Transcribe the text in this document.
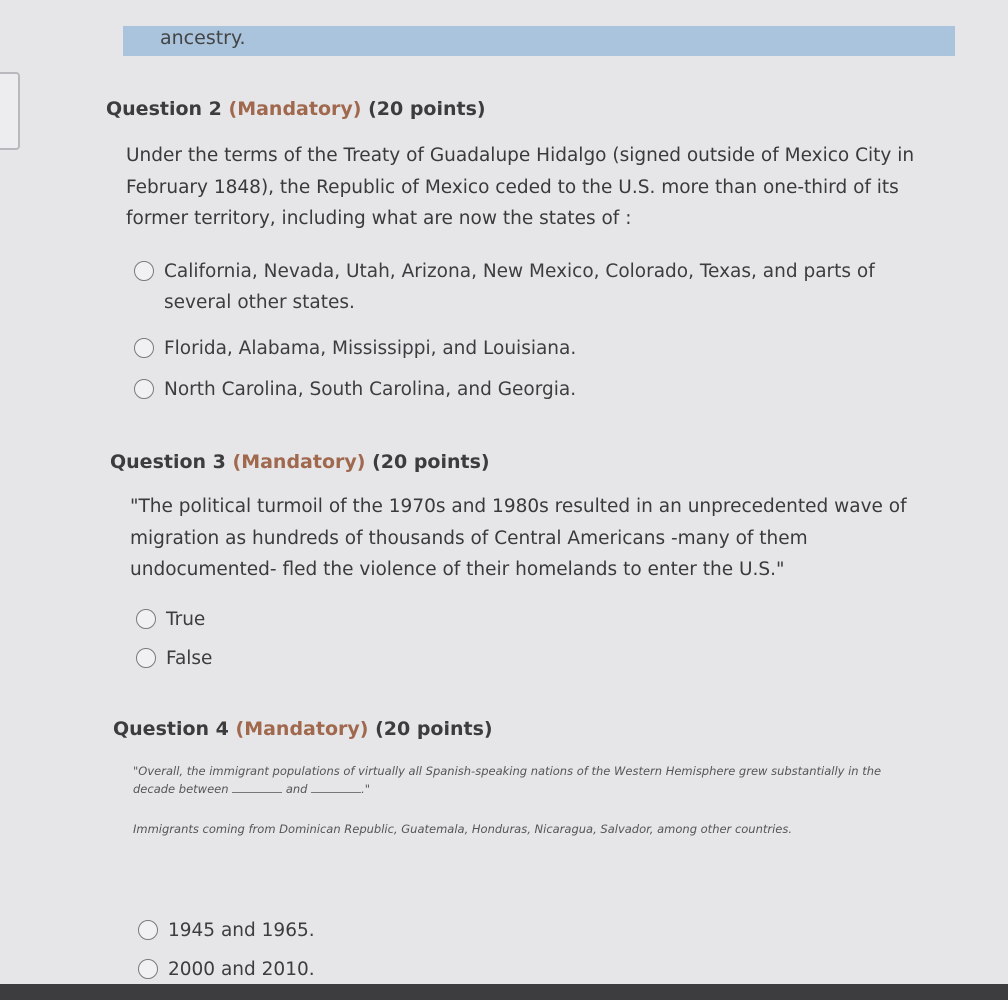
ancestry.
Question 2 (Mandatory) (20 points)
Under the terms of the Treaty of Guadalupe Hidalgo (signed outside of Mexico City in February 1848), the Republic of Mexico ceded to the U.S. more than one-third of its former territory, including what are now the states of :
California, Nevada, Utah, Arizona, New Mexico, Colorado, Texas, and parts of several other states.
Florida, Alabama, Mississippi, and Louisiana.
North Carolina, South Carolina, and Georgia.
Question 3 (Mandatory) (20 points)
"The political turmoil of the 1970s and 1980s resulted in an unprecedented wave of migration as hundreds of thousands of Central Americans -many of them undocumented- fled the violence of their homelands to enter the U.S."
True
False
Question 4 (Mandatory) (20 points)
"Overall, the immigrant populations of virtually all Spanish-speaking nations of the Western Hemisphere grew substantially in the decade between	and	."
Immigrants coming from Dominican Republic, Guatemala, Honduras, Nicaragua, Salvador, among other countries.
1945 and 1965.
2000 and 2010.
